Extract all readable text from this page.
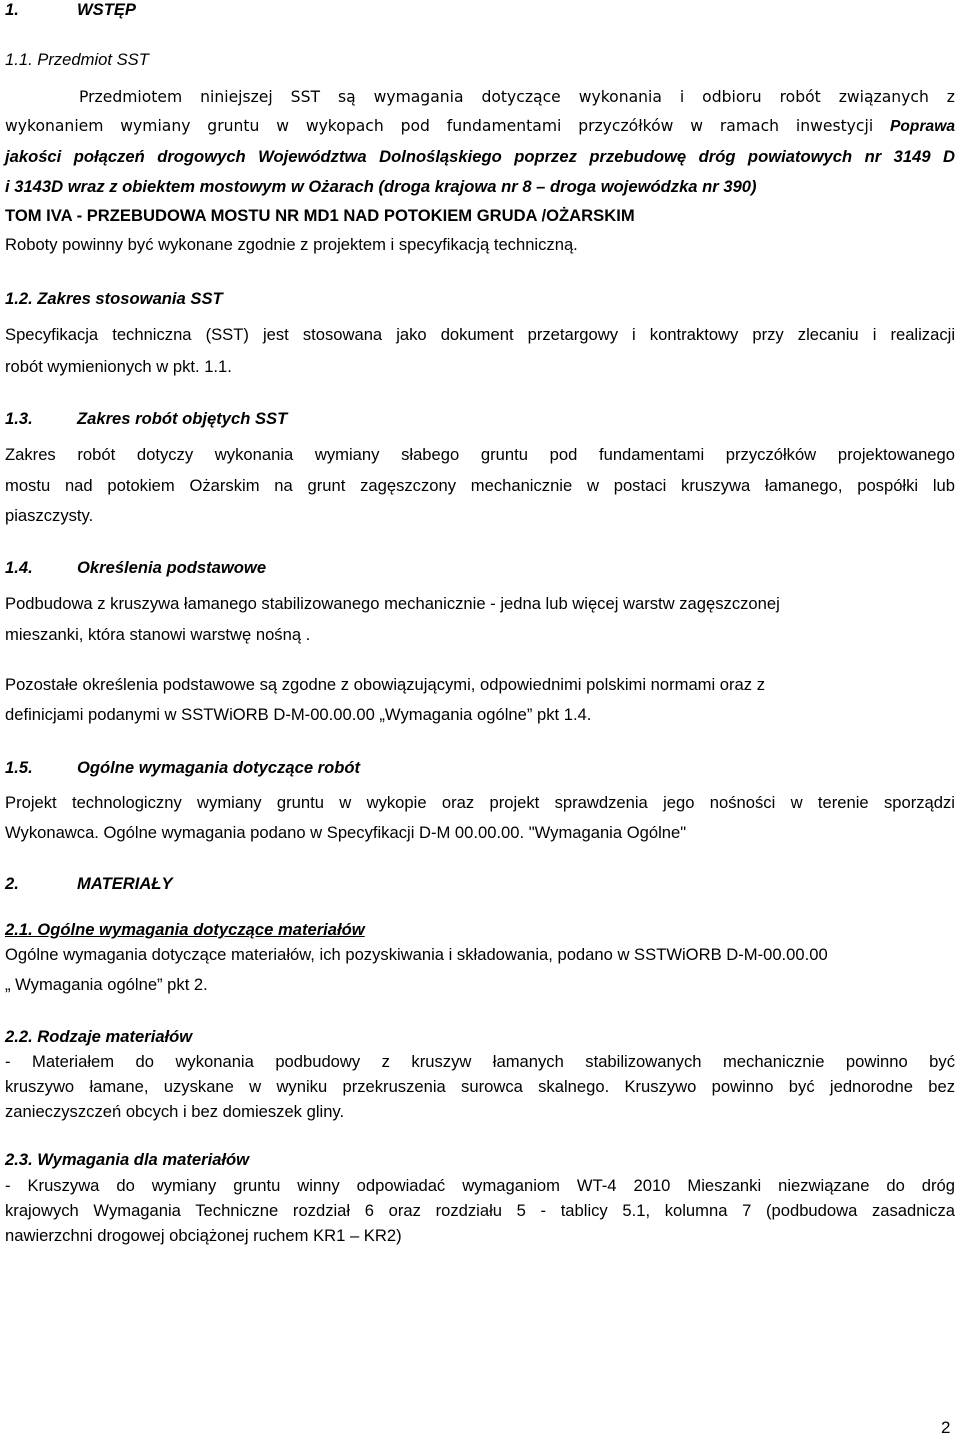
1.	WSTĘP
1.1. Przedmiot SST
Przedmiotem niniejszej SST są wymagania dotyczące wykonania i odbioru robót związanych z
wykonaniem wymiany gruntu w wykopach pod fundamentami przyczółków w ramach inwestycji Poprawa
jakości połączeń drogowych Województwa Dolnośląskiego poprzez przebudowę dróg powiatowych nr 3149 D
i 3143D wraz z obiektem mostowym w Ożarach (droga krajowa nr 8 – droga wojewódzka nr 390)
TOM IVA - PRZEBUDOWA MOSTU NR MD1 NAD POTOKIEM GRUDA /OŻARSKIM
Roboty powinny być wykonane zgodnie z projektem i specyfikacją techniczną.
1.2. Zakres stosowania SST
Specyfikacja techniczna (SST) jest stosowana jako dokument przetargowy i kontraktowy przy zlecaniu i realizacji
robót wymienionych w pkt. 1.1.
1.3.	Zakres robót objętych SST
Zakres robót dotyczy wykonania wymiany słabego gruntu pod fundamentami przyczółków projektowanego
mostu nad potokiem Ożarskim na grunt zagęszczony mechanicznie w postaci kruszywa łamanego, pospółki lub
piaszczysty.
1.4.	Określenia podstawowe
Podbudowa z kruszywa łamanego stabilizowanego mechanicznie - jedna lub więcej warstw zagęszczonej
mieszanki, która stanowi warstwę nośną .
Pozostałe określenia podstawowe są zgodne z obowiązującymi, odpowiednimi polskimi normami oraz z
definicjami podanymi w SSTWiORB D-M-00.00.00 „Wymagania ogólne” pkt 1.4.
1.5.	Ogólne wymagania dotyczące robót
Projekt technologiczny wymiany gruntu w wykopie oraz projekt sprawdzenia jego nośności w terenie sporządzi
Wykonawca. Ogólne wymagania podano w Specyfikacji D-M 00.00.00. "Wymagania Ogólne"
2.	MATERIAŁY
2.1. Ogólne wymagania dotyczące materiałów
Ogólne wymagania dotyczące materiałów, ich pozyskiwania i składowania, podano w SSTWiORB D-M-00.00.00
„ Wymagania ogólne” pkt 2.
2.2. Rodzaje materiałów
- Materiałem do wykonania podbudowy z kruszyw łamanych stabilizowanych mechanicznie powinno być
kruszywo łamane, uzyskane w wyniku przekruszenia surowca skalnego. Kruszywo powinno być jednorodne bez
zanieczyszczeń obcych i bez domieszek gliny.
2.3. Wymagania dla materiałów
- Kruszywa do wymiany gruntu winny odpowiadać wymaganiom WT-4 2010 Mieszanki niezwiązane do dróg
krajowych Wymagania Techniczne rozdział 6 oraz rozdziału 5 - tablicy 5.1, kolumna 7 (podbudowa zasadnicza
nawierzchni drogowej obciążonej ruchem KR1 – KR2)
2
